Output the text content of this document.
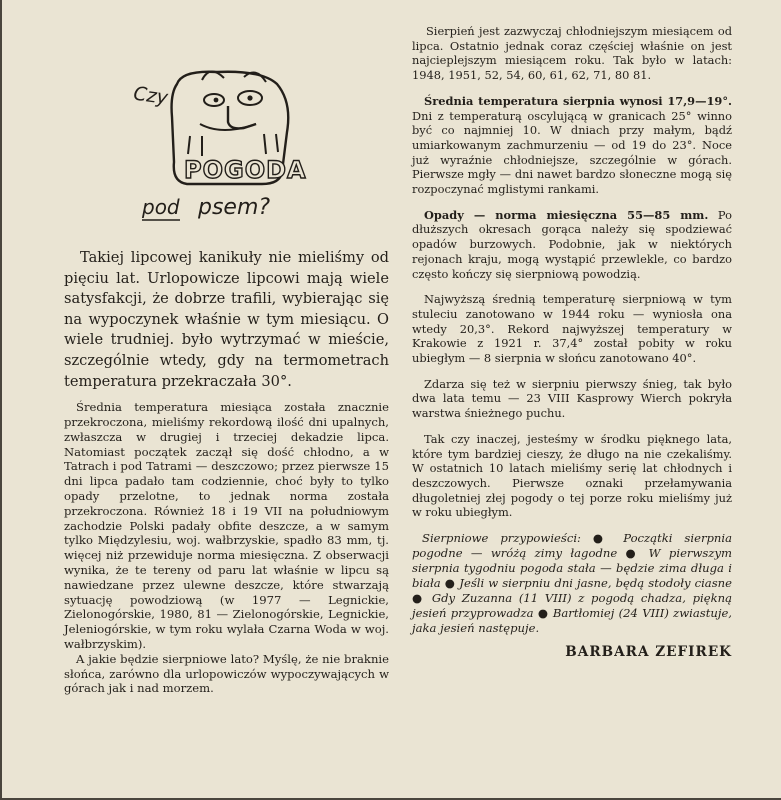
Czy
POGODA
pod psem?

Takiej lipcowej kanikuły nie mieliśmy od pięciu lat. Urlopowicze lipcowi mają wiele satysfakcji, że dobrze trafili, wybierając się na wypoczynek właśnie w tym miesiącu. O wiele trudniej. było wytrzymać w mieście, szczególnie wtedy, gdy na termometrach temperatura przekraczała 30°.

Średnia temperatura miesiąca została znacznie przekroczona, mieliśmy rekordową ilość dni upalnych, zwłaszcza w drugiej i trzeciej dekadzie lipca. Natomiast początek zaczął się dość chłodno, a w Tatrach i pod Tatrami — deszczowo; przez pierwsze 15 dni lipca padało tam codziennie, choć były to tylko opady przelotne, to jednak norma została przekroczona. Również 18 i 19 VII na południowym zachodzie Polski padały obfite deszcze, a w samym tylko Międzylesiu, woj. wałbrzyskie, spadło 83 mm, tj. więcej niż przewiduje norma miesięczna. Z obserwacji wynika, że te tereny od paru lat właśnie w lipcu są nawiedzane przez ulewne deszcze, które stwarzają sytuację powodziową (w 1977 — Legnickie, Zielonogórskie, 1980, 81 — Zielonogórskie, Legnickie, Jeleniogórskie, w tym roku wylała Czarna Woda w woj. wałbrzyskim).

A jakie będzie sierpniowe lato? Myślę, że nie braknie słońca, zarówno dla urlopowiczów wypoczywających w górach jak i nad morzem.

Sierpień jest zazwyczaj chłodniejszym miesiącem od lipca. Ostatnio jednak coraz częściej właśnie on jest najcieplejszym miesiącem roku. Tak było w latach: 1948, 1951, 52, 54, 60, 61, 62, 71, 80 81.

Średnia temperatura sierpnia wynosi 17,9—19°. Dni z temperaturą oscylującą w granicach 25° winno być co najmniej 10. W dniach przy małym, bądź umiarkowanym zachmurzeniu — od 19 do 23°. Noce już wyraźnie chłodniejsze, szczególnie w górach. Pierwsze mgły — dni nawet bardzo słoneczne mogą się rozpoczynać mglistymi rankami.

Opady — norma miesięczna 55—85 mm. Po dłuższych okresach gorąca należy się spodziewać opadów burzowych. Podobnie, jak w niektórych rejonach kraju, mogą wystąpić przewlekle, co bardzo często kończy się sierpniową powodzią.

Najwyższą średnią temperaturę sierpniową w tym stuleciu zanotowano w 1944 roku — wyniosła ona wtedy 20,3°. Rekord najwyższej temperatury w Krakowie z 1921 r. 37,4° został pobity w roku ubiegłym — 8 sierpnia w słońcu zanotowano 40°.

Zdarza się też w sierpniu pierwszy śnieg, tak było dwa lata temu — 23 VIII Kasprowy Wierch pokryła warstwa śnieżnego puchu.

Tak czy inaczej, jesteśmy w środku pięknego lata, które tym bardziej cieszy, że długo na nie czekaliśmy. W ostatnich 10 latach mieliśmy serię lat chłodnych i deszczowych. Pierwsze oznaki przełamywania długoletniej złej pogody o tej porze roku mieliśmy już w roku ubiegłym.

Sierpniowe przypowieści: ● Początki sierpnia pogodne — wróżą zimy łagodne ● W pierwszym sierpnia tygodniu pogoda stała — będzie zima długa i biała ● Jeśli w sierpniu dni jasne, będą stodoły ciasne ● Gdy Zuzanna (11 VIII) z pogodą chadza, piękną jesień przyprowadza ● Bartłomiej (24 VIII) zwiastuje, jaka jesień następuje.

BARBARA ZEFIREK
